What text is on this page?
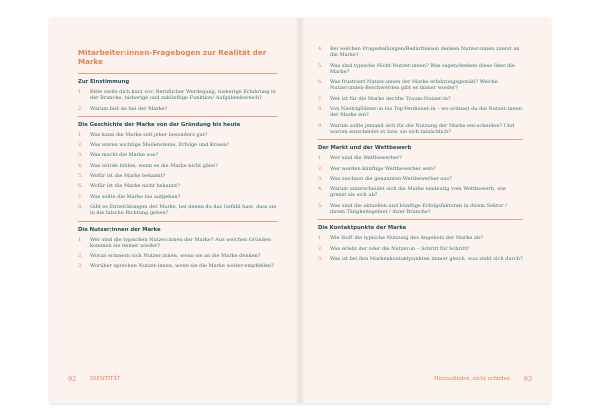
Mitarbeiter:innen-Fragebogen zur Realität der Marke
Zur Einstimmung
1.	Bitte stelle dich kurz vor: Beruflicher Werdegang, bisherige Erfahrung in der Branche, bisherige und zukünftige Funktion/ Aufgabenbereich?
2.	Warum bist du bei der Marke?
Die Geschichte der Marke von der Gründung bis heute
1.	Was kann die Marke seit jeher besonders gut?
2.	Was waren wichtige Meilensteine, Erfolge und Krisen?
3.	Was macht die Marke aus?
4.	Was würde fehlen, wenn es die Marke nicht gäbe?
5.	Wofür ist die Marke bekannt?
6.	Wofür ist die Marke nicht bekannt?
7.	Was sollte die Marke nie aufgeben?
8.	Gibt es Entwicklungen der Marke, bei denen du das Gefühl hast, dass sie in die falsche Richtung gehen?
Die Nutzer:innen der Marke
1.	Wer sind die typischen Nutzer:innen der Marke? Aus welchen Gründen kommen sie immer wieder?
2.	Woran erinnern sich Nutzer:innen, wenn sie an die Marke denken?
3.	Worüber sprechen Nutzer:innen, wenn sie die Marke weiter-empfehlen?
92	IDENTITÄT
4.	Bei welchen Fragestellungen/Bedürfnissen denken Nutzer:innen zuerst an die Marke?
5.	Was sind typische Nicht-Nutzer:innen? Was sagen/denken diese über die Marke?
6.	Was frustriert Nutzer:innen der Marke erfahrungsgemäß? Welche Nutzer:innen-Beschwerden gibt es immer wieder?
7.	Wer ist für die Marke der/die Traum-Nutzer:in?
8.	Von Niedriglöhner:in bis Top-Verdiener:in – wo ordnest du die Nutzer:innen der Marke ein?
9.	Warum sollte jemand sich für die Nutzung der Marke ent-scheiden? Und warum entscheidet er bzw. sie sich tatsächlich?
Der Markt und der Wettbewerb
1.	Wer sind die Wettbewerber?
2.	Wer werden künftige Wettbewerber sein?
3.	Was zeichnet die genannten Wettbewerber aus?
4.	Warum unterscheidet sich die Marke eindeutig vom Wettbewerb, wie grenzt sie sich ab?
5.	Was sind die aktuellen und künftige Erfolgsfaktoren in ihrem Sektor / ihrem Tätigkeitsgebiet / ihrer Branche?
Die Kontaktpunkte der Marke
1.	Wie läuft die typische Nutzung des Angebots der Marke ab?
2.	Was erlebt der oder die Nutzer:in – Schritt für Schritt?
3.	Was ist bei den Markenkontaktpunkten immer gleich, was zieht sich durch?
Herausfinden, nicht erfinden 93
